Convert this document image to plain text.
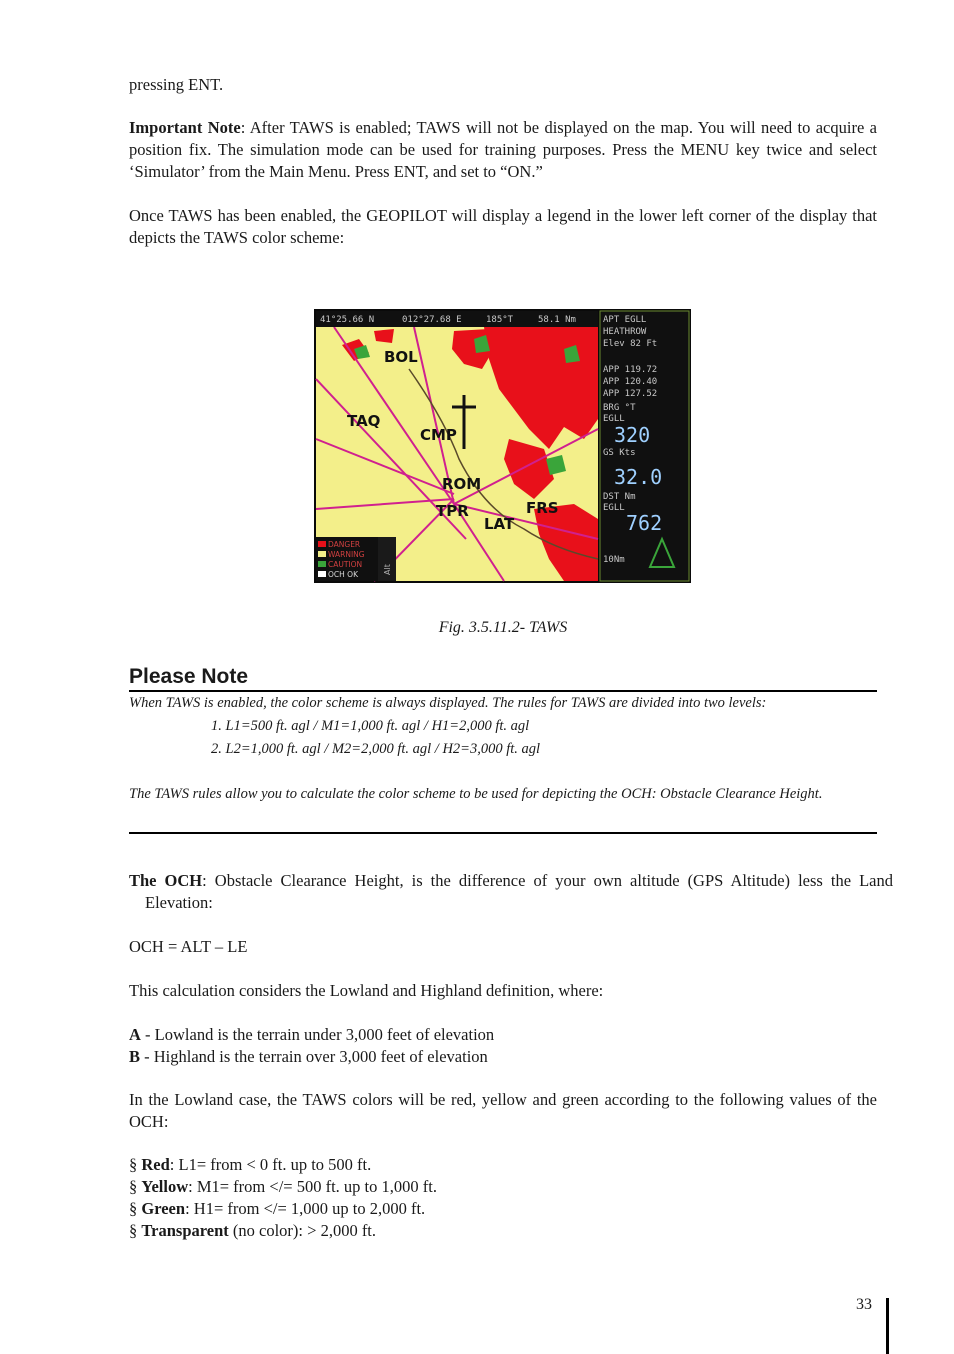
pressing ENT.
Important Note: After TAWS is enabled; TAWS will not be displayed on the map. You will need to acquire a position fix. The simulation mode can be used for training purposes. Press the MENU key twice and select ‘Simulator’ from the Main Menu. Press ENT, and set to “ON.”
Once TAWS has been enabled, the GEOPILOT will display a legend in the lower left corner of the display that depicts the TAWS color scheme:
BOL
TAQ
CMP
ROM
TPR
LAT
FRS
41°25.66 N	012°27.68 E	185°T	58.1 Nm	APT EGLL
HEATHROW
Elev 82 Ft
APP 119.72
APP 120.40
APP 127.52
BRG °T
EGLL
320
GS Kts
32.0
DST Nm
EGLL
762
10Nm
DANGER
WARNING
CAUTION
OCH OK	Alt
Fig. 3.5.11.2- TAWS
Please Note
When TAWS is enabled, the color scheme is always displayed. The rules for TAWS are divided into two levels:
1. L1=500 ft. agl / M1=1,000 ft. agl / H1=2,000 ft. agl
2. L2=1,000 ft. agl / M2=2,000 ft. agl / H2=3,000 ft. agl
The TAWS rules allow you to calculate the color scheme to be used for depicting the OCH: Obstacle Clearance Height.
The OCH: Obstacle Clearance Height, is the difference of your own altitude (GPS Altitude) less the Land Elevation:
OCH = ALT – LE
This calculation considers the Lowland and Highland definition, where:
A - Lowland is the terrain under 3,000 feet of elevation
B - Highland is the terrain over 3,000 feet of elevation
In the Lowland case, the TAWS colors will be red, yellow and green according to the following values of the OCH:
§ Red: L1= from < 0 ft. up to 500 ft.
§ Yellow: M1= from </= 500 ft. up to 1,000 ft.
§ Green: H1= from </= 1,000 up to 2,000 ft.
§ Transparent (no color): > 2,000 ft.
33
